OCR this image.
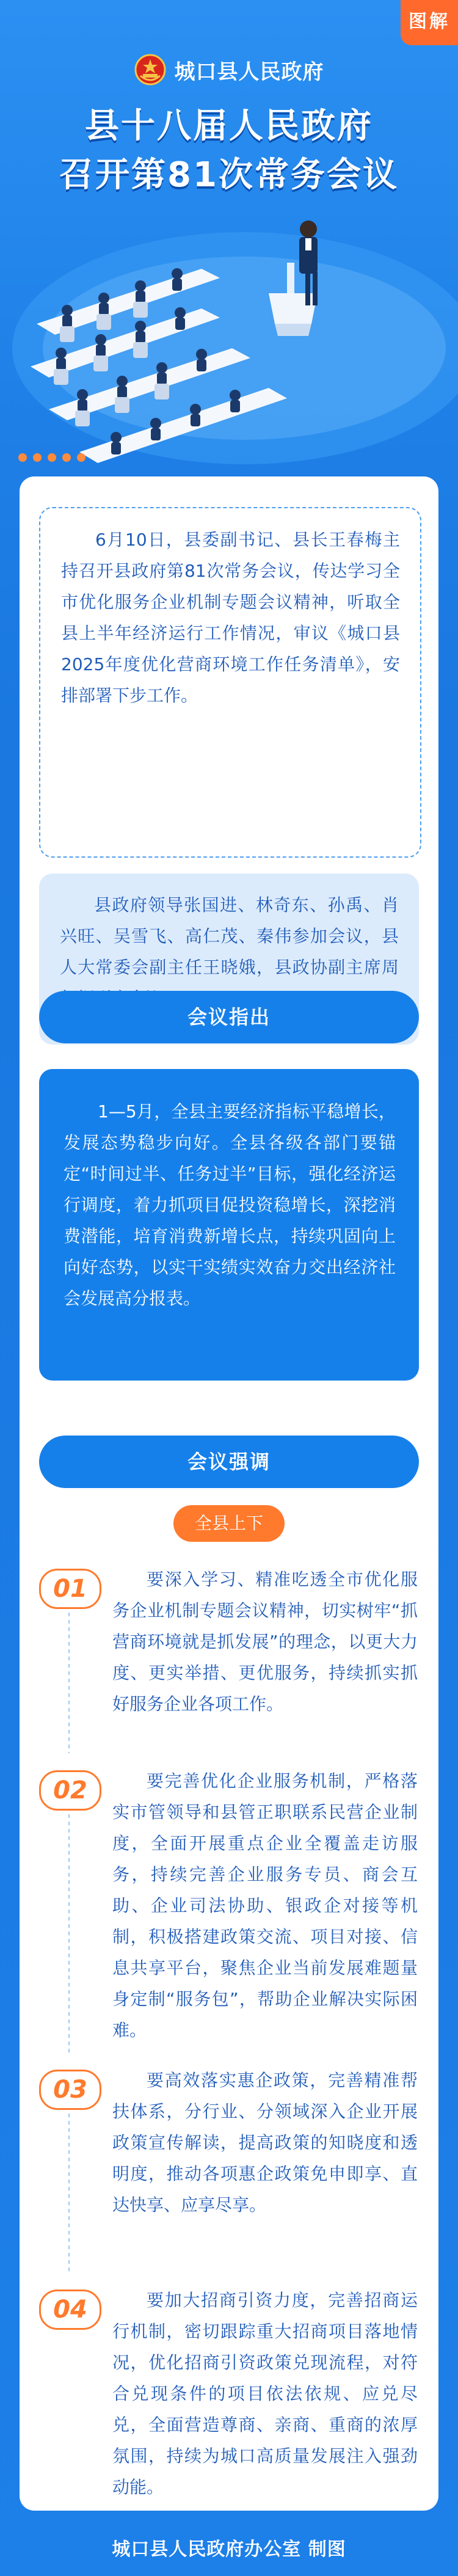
图解
城口县人民政府
县十八届人民政府
召开第81次常务会议
6月10日，县委副书记、县长王春梅主持召开县政府第81次常务会议，传达学习全市优化服务企业机制专题会议精神，听取全县上半年经济运行工作情况，审议《城口县2025年度优化营商环境工作任务清单》，安排部署下步工作。
县政府领导张国进、林奇东、孙禹、肖兴旺、吴雪飞、高仁茂、秦伟参加会议，县人大常委会副主任王晓娥，县政协副主席周
会议指出
1—5月，全县主要经济指标平稳增长，发展态势稳步向好。全县各级各部门要锚定“时间过半、任务过半”目标，强化经济运行调度，着力抓项目促投资稳增长，深挖消费潜能，培育消费新增长点，持续巩固向上向好态势，以实干实绩实效奋力交出经济社会发展高分报表。
会议强调
全县上下
01	要深入学习、精准吃透全市优化服务企业机制专题会议精神，切实树牢“抓营商环境就是抓发展”的理念，以更大力度、更实举措、更优服务，持续抓实抓好服务企业各项工作。
02	要完善优化企业服务机制，严格落实市管领导和县管正职联系民营企业制度，全面开展重点企业全覆盖走访服务，持续完善企业服务专员、商会互助、企业司法协助、银政企对接等机制，积极搭建政策交流、项目对接、信息共享平台，聚焦企业当前发展难题量身定制“服务包”，帮助企业解决实际困难。
03	要高效落实惠企政策，完善精准帮扶体系，分行业、分领域深入企业开展政策宣传解读，提高政策的知晓度和透明度，推动各项惠企政策免申即享、直达快享、应享尽享。
04	要加大招商引资力度，完善招商运行机制，密切跟踪重大招商项目落地情况，优化招商引资政策兑现流程，对符合兑现条件的项目依法依规、应兑尽兑，全面营造尊商、亲商、重商的浓厚氛围，持续为城口高质量发展注入强劲动能。
城口县人民政府办公室 制图
